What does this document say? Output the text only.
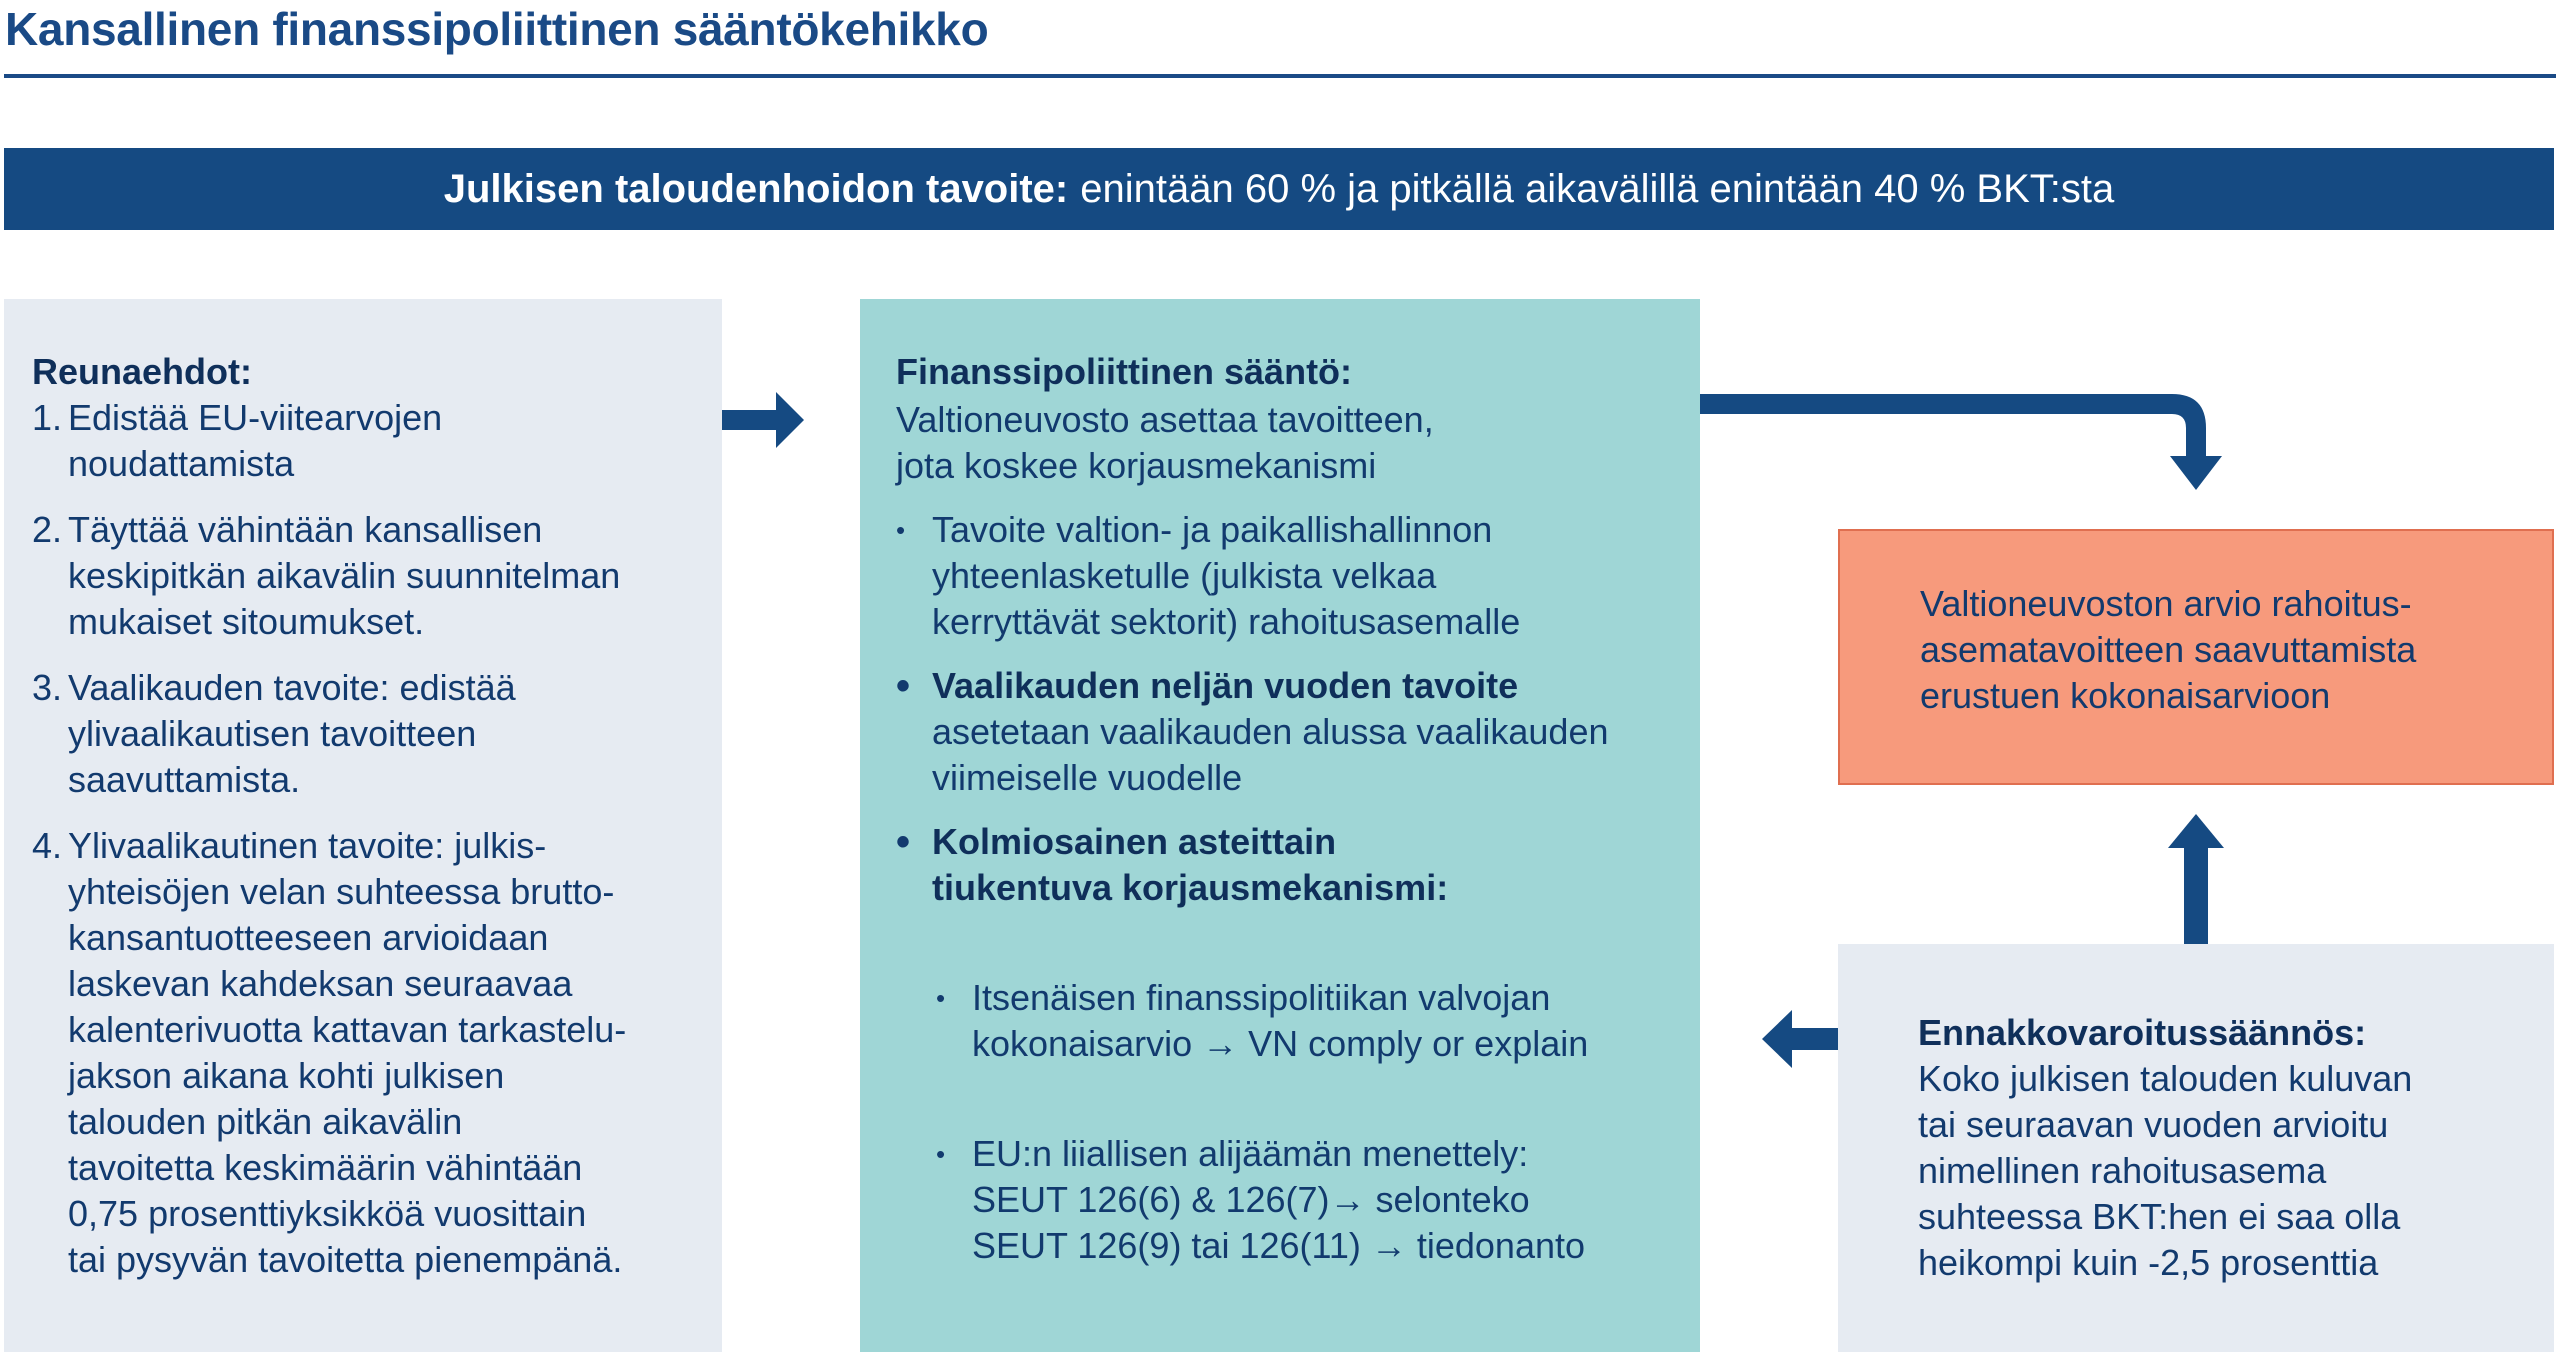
Kansallinen finanssipoliittinen sääntökehikko
Julkisen taloudenhoidon tavoite: enintään 60 % ja pitkällä aikavälillä enintään 40 % BKT:sta
Reunaehdot:
1. Edistää EU-viitearvojen
noudattamista
2. Täyttää vähintään kansallisen
keskipitkän aikavälin suunnitelman
mukaiset sitoumukset.
3. Vaalikauden tavoite: edistää
ylivaalikautisen tavoitteen
saavuttamista.
4. Ylivaalikautinen tavoite: julkis-
yhteisöjen velan suhteessa brutto-
kansantuotteeseen arvioidaan
laskevan kahdeksan seuraavaa
kalenterivuotta kattavan tarkastelu-
jakson aikana kohti julkisen
talouden pitkän aikavälin
tavoitetta keskimäärin vähintään
0,75 prosenttiyksikköä vuosittain
tai pysyvän tavoitetta pienempänä.
Finanssipoliittinen sääntö:
Valtioneuvosto asettaa tavoitteen,
jota koskee korjausmekanismi
• Tavoite valtion- ja paikallishallinnon
yhteenlasketulle (julkista velkaa
kerryttävät sektorit) rahoitusasemalle
• Vaalikauden neljän vuoden tavoite
asetetaan vaalikauden alussa vaalikauden
viimeiselle vuodelle
• Kolmiosainen asteittain
tiukentuva korjausmekanismi:

• Itsenäisen finanssipolitiikan valvojan
kokonaisarvio → VN comply or explain

• EU:n liiallisen alijäämän menettely:
SEUT 126(6) & 126(7)→ selonteko
SEUT 126(9) tai 126(11) → tiedonanto

Valtioneuvoston arvio rahoitus-
asematavoitteen saavuttamista
erustuen kokonaisarvioon
Ennakkovaroitussäännös:
Koko julkisen talouden kuluvan
tai seuraavan vuoden arvioitu
nimellinen rahoitusasema
suhteessa BKT:hen ei saa olla
heikompi kuin -2,5 prosenttia
